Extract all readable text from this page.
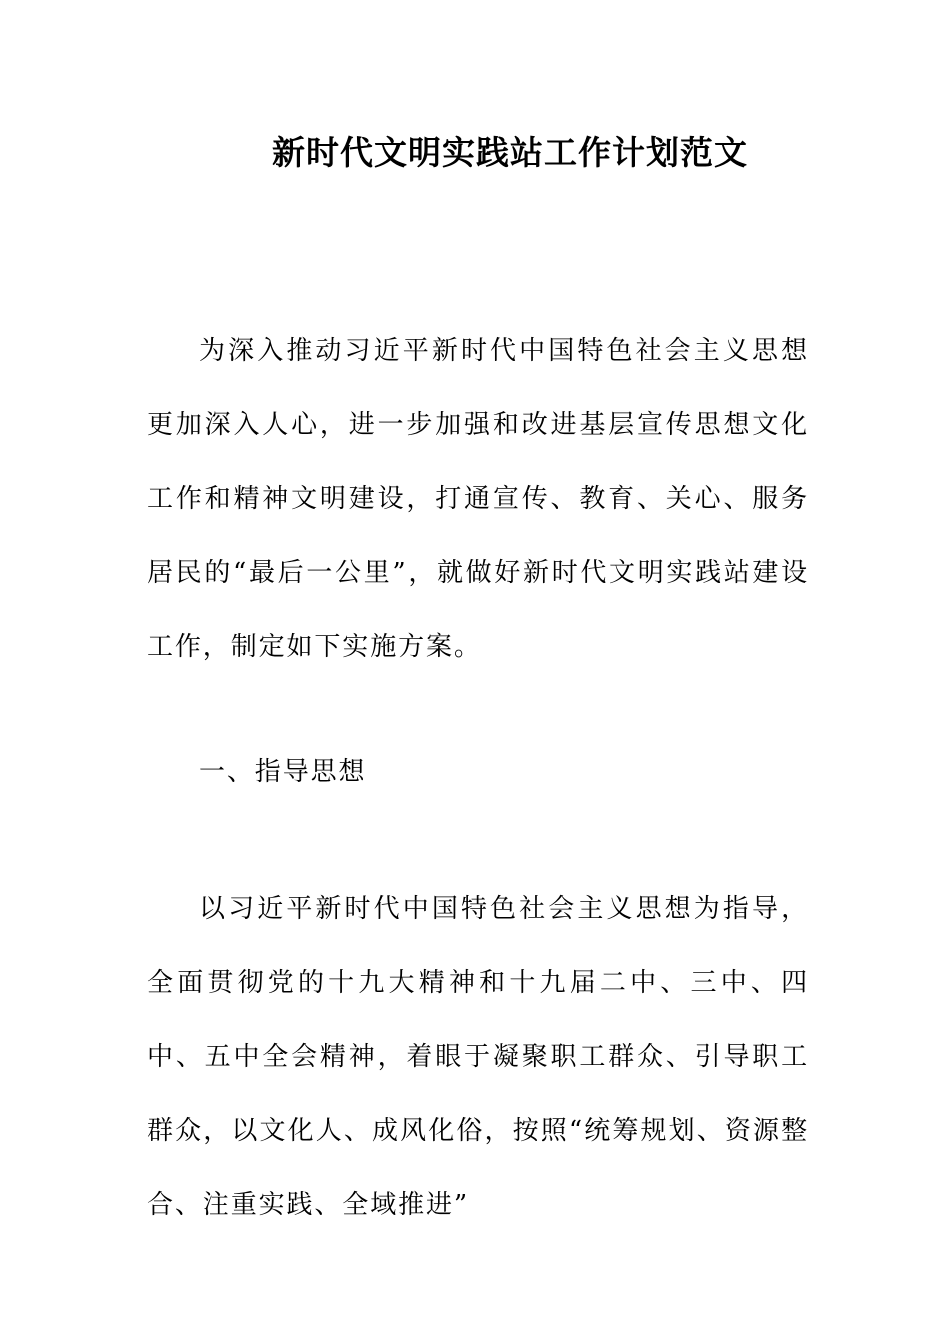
新时代文明实践站工作计划范文

为深入推动习近平新时代中国特色社会主义思想更加深入人心，进一步加强和改进基层宣传思想文化工作和精神文明建设，打通宣传、教育、关心、服务居民的“最后一公里”，就做好新时代文明实践站建设工作，制定如下实施方案。

一、指导思想

以习近平新时代中国特色社会主义思想为指导，全面贯彻党的十九大精神和十九届二中、三中、四中、五中全会精神，着眼于凝聚职工群众、引导职工群众，以文化人、成风化俗，按照“统筹规划、资源整合、注重实践、全域推进”
